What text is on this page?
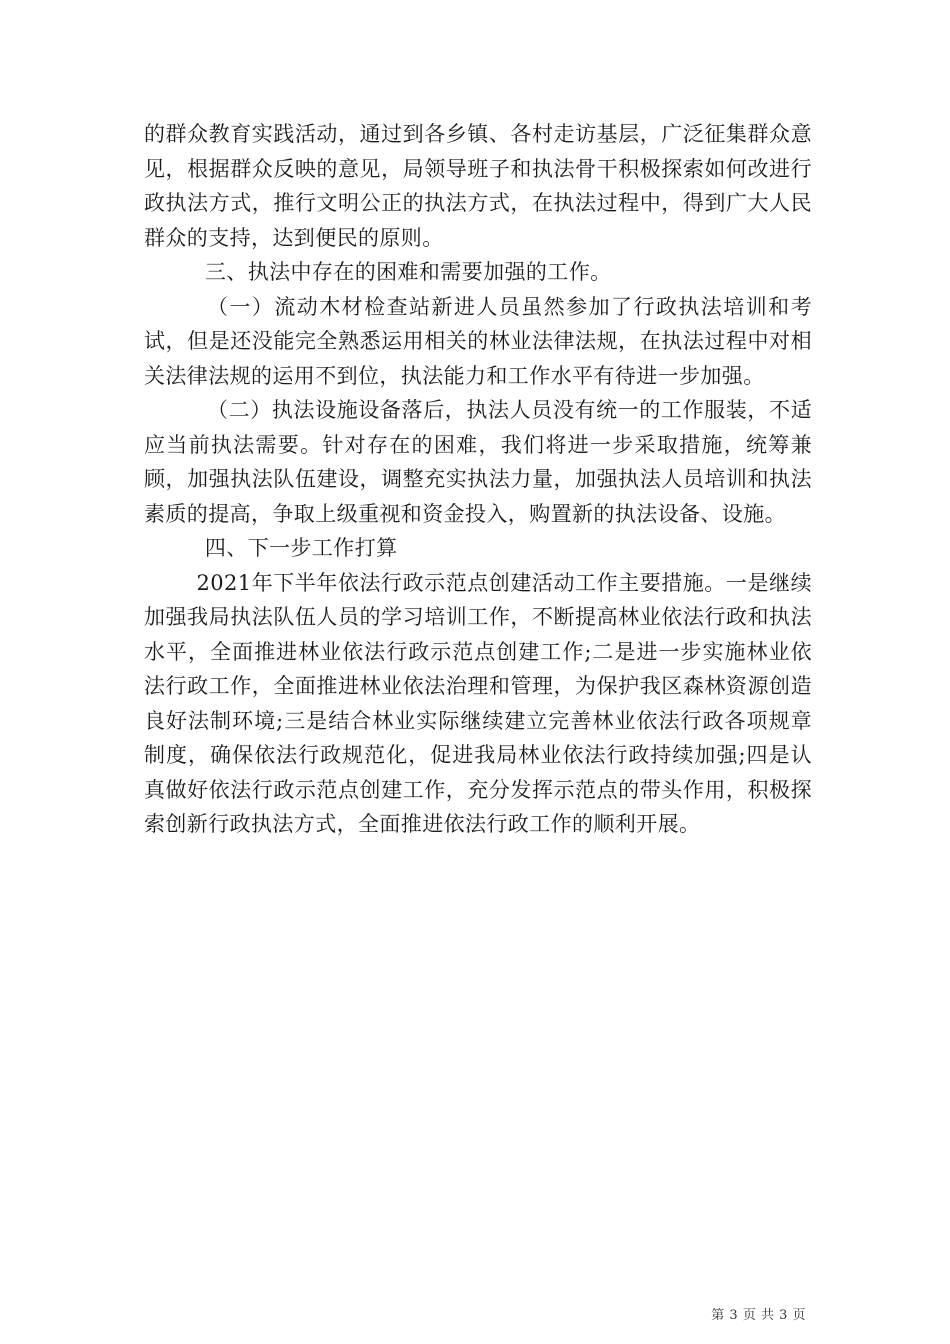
的群众教育实践活动，通过到各乡镇、各村走访基层，广泛征集群众意见，根据群众反映的意见，局领导班子和执法骨干积极探索如何改进行政执法方式，推行文明公正的执法方式，在执法过程中，得到广大人民群众的支持，达到便民的原则。

三、执法中存在的困难和需要加强的工作。

（一）流动木材检查站新进人员虽然参加了行政执法培训和考试，但是还没能完全熟悉运用相关的林业法律法规，在执法过程中对相关法律法规的运用不到位，执法能力和工作水平有待进一步加强。

（二）执法设施设备落后，执法人员没有统一的工作服装，不适应当前执法需要。针对存在的困难，我们将进一步采取措施，统筹兼顾，加强执法队伍建设，调整充实执法力量，加强执法人员培训和执法素质的提高，争取上级重视和资金投入，购置新的执法设备、设施。

四、下一步工作打算

2021年下半年依法行政示范点创建活动工作主要措施。一是继续加强我局执法队伍人员的学习培训工作，不断提高林业依法行政和执法水平，全面推进林业依法行政示范点创建工作;二是进一步实施林业依法行政工作，全面推进林业依法治理和管理，为保护我区森林资源创造良好法制环境;三是结合林业实际继续建立完善林业依法行政各项规章制度，确保依法行政规范化，促进我局林业依法行政持续加强;四是认真做好依法行政示范点创建工作，充分发挥示范点的带头作用，积极探索创新行政执法方式，全面推进依法行政工作的顺利开展。

第 3 页 共 3 页
